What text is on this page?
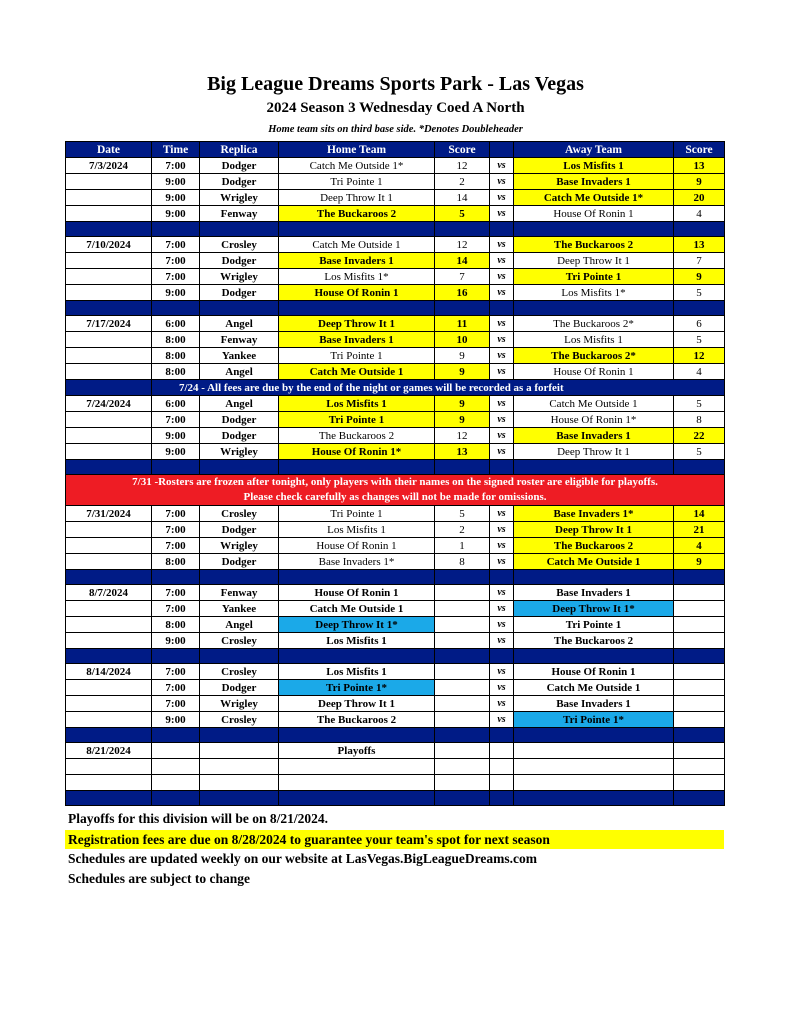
Big League Dreams Sports Park - Las Vegas
2024 Season 3 Wednesday Coed A North
Home team sits on third base side. *Denotes Doubleheader
Date	Time	Replica	Home Team	Score		Away Team	Score
7/3/2024	7:00	Dodger	Catch Me Outside 1*	12	vs	Los Misfits 1	13
	9:00	Dodger	Tri Pointe 1	2	vs	Base Invaders 1	9
	9:00	Wrigley	Deep Throw It 1	14	vs	Catch Me Outside 1*	20
	9:00	Fenway	The Buckaroos 2	5	vs	House Of Ronin 1	4

7/10/2024	7:00	Crosley	Catch Me Outside 1	12	vs	The Buckaroos 2	13
	7:00	Dodger	Base Invaders 1	14	vs	Deep Throw It 1	7
	7:00	Wrigley	Los Misfits 1*	7	vs	Tri Pointe 1	9
	9:00	Dodger	House Of Ronin 1	16	vs	Los Misfits 1*	5

7/17/2024	6:00	Angel	Deep Throw It 1	11	vs	The Buckaroos 2*	6
	8:00	Fenway	Base Invaders 1	10	vs	Los Misfits 1	5
	8:00	Yankee	Tri Pointe 1	9	vs	The Buckaroos 2*	12
	8:00	Angel	Catch Me Outside 1	9	vs	House Of Ronin 1	4
	7/24 - All fees are due by the end of the night or games will be recorded as a forfeit						
7/24/2024	6:00	Angel	Los Misfits 1	9	vs	Catch Me Outside 1	5
	7:00	Dodger	Tri Pointe 1	9	vs	House Of Ronin 1*	8
	9:00	Dodger	The Buckaroos 2	12	vs	Base Invaders 1	22
	9:00	Wrigley	House Of Ronin 1*	13	vs	Deep Throw It 1	5

7/31 -Rosters are frozen after tonight, only players with their names on the signed roster are eligible for playoffs.
Please check carefully as changes will not be made for omissions.							

7/31/2024	7:00	Crosley	Tri Pointe 1	5	vs	Base Invaders 1*	14
	7:00	Dodger	Los Misfits 1	2	vs	Deep Throw It 1	21
	7:00	Wrigley	House Of Ronin 1	1	vs	The Buckaroos 2	4
	8:00	Dodger	Base Invaders 1*	8	vs	Catch Me Outside 1	9

8/7/2024	7:00	Fenway	House Of Ronin 1		vs	Base Invaders 1	
	7:00	Yankee	Catch Me Outside 1		vs	Deep Throw It 1*	
	8:00	Angel	Deep Throw It 1*		vs	Tri Pointe 1	
	9:00	Crosley	Los Misfits 1		vs	The Buckaroos 2	

8/14/2024	7:00	Crosley	Los Misfits 1		vs	House Of Ronin 1	
	7:00	Dodger	Tri Pointe 1*		vs	Catch Me Outside 1	
	7:00	Wrigley	Deep Throw It 1		vs	Base Invaders 1	
	9:00	Crosley	The Buckaroos 2		vs	Tri Pointe 1*	

8/21/2024			Playoffs				

Playoffs for this division will be on 8/21/2024.
Registration fees are due on 8/28/2024 to guarantee your team's spot for next season
Schedules are updated weekly on our website at LasVegas.BigLeagueDreams.com
Schedules are subject to change
